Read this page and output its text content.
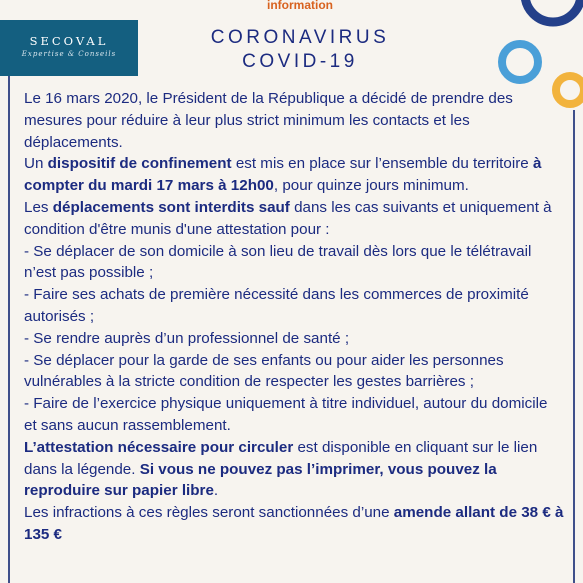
SECOVAL

Expertise & Conseils

information
CORONAVIRUS
COVID-19

Le 16 mars 2020, le Président de la République a décidé de prendre des mesures pour réduire à leur plus strict minimum les contacts et les déplacements.

Un dispositif de confinement est mis en place sur l’ensemble du territoire à compter du mardi 17 mars à 12h00, pour quinze jours minimum.

Les déplacements sont interdits sauf dans les cas suivants et uniquement à condition d'être munis d'une attestation pour :

- Se déplacer de son domicile à son lieu de travail dès lors que le télétravail n’est pas possible ;
- Faire ses achats de première nécessité dans les commerces de proximité autorisés ;
- Se rendre auprès d’un professionnel de santé ;
- Se déplacer pour la garde de ses enfants ou pour aider les personnes vulnérables à la stricte condition de respecter les gestes barrières ;
- Faire de l’exercice physique uniquement à titre individuel, autour du domicile et sans aucun rassemblement.

L’attestation nécessaire pour circuler est disponible en cliquant sur le lien dans la légende. Si vous ne pouvez pas l’imprimer, vous pouvez la reproduire sur papier libre.

Les infractions à ces règles seront sanctionnées d’une amende allant de 38 € à 135 €
